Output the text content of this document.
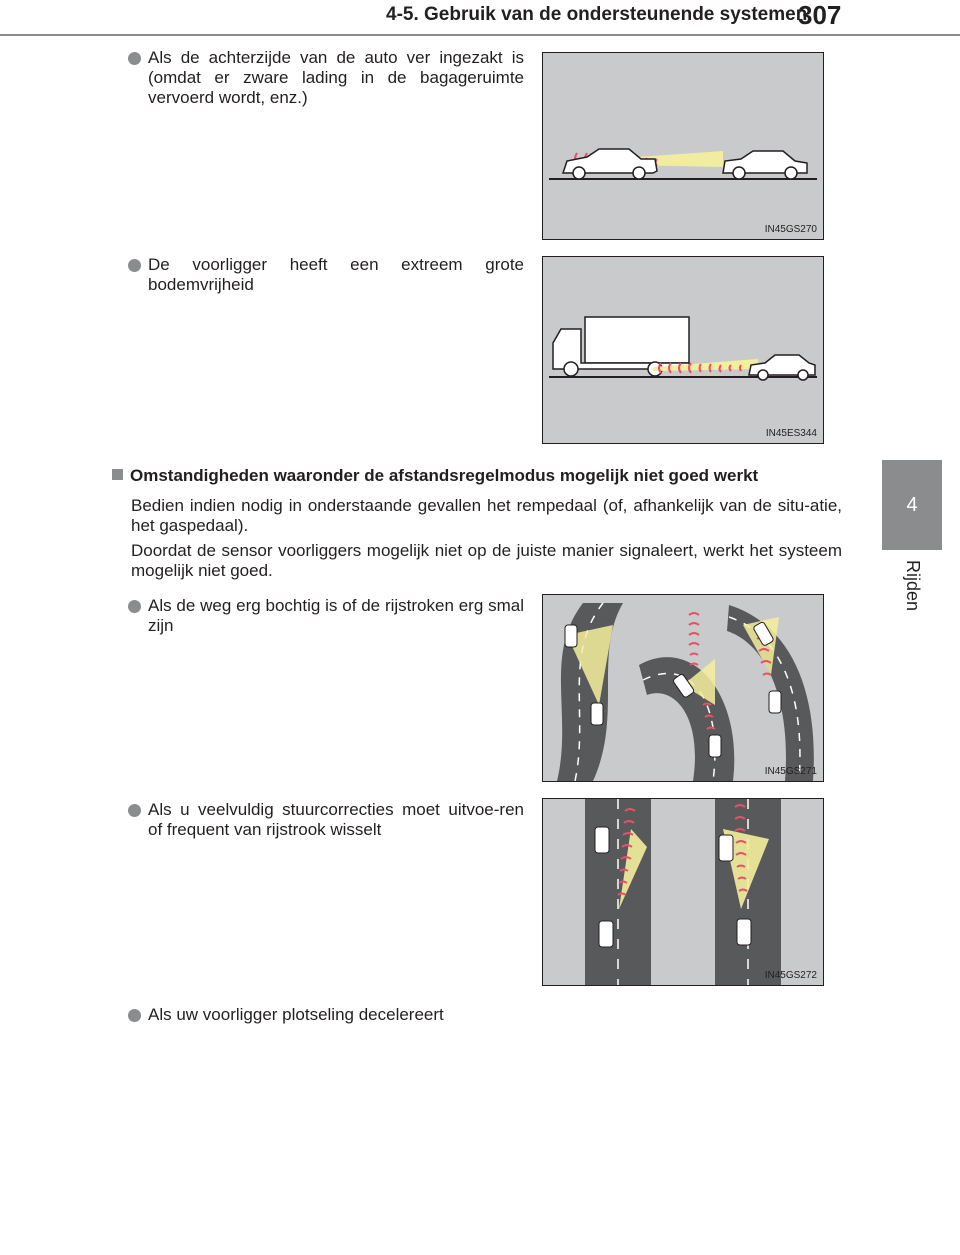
4-5. Gebruik van de ondersteunende systemen
307
4
Rijden
Als de achterzijde van de auto ver ingezakt is (omdat er zware lading in de bagageruimte vervoerd wordt, enz.)
IN45GS270
De voorligger heeft een extreem grote bodemvrijheid
IN45ES344
Omstandigheden waaronder de afstandsregelmodus mogelijk niet goed werkt
Bedien indien nodig in onderstaande gevallen het rempedaal (of, afhankelijk van de situ-atie, het gaspedaal).
Doordat de sensor voorliggers mogelijk niet op de juiste manier signaleert, werkt het systeem mogelijk niet goed.
Als de weg erg bochtig is of de rijstroken erg smal zijn
IN45GS271
Als u veelvuldig stuurcorrecties moet uitvoe-ren of frequent van rijstrook wisselt
IN45GS272
Als uw voorligger plotseling decelereert
